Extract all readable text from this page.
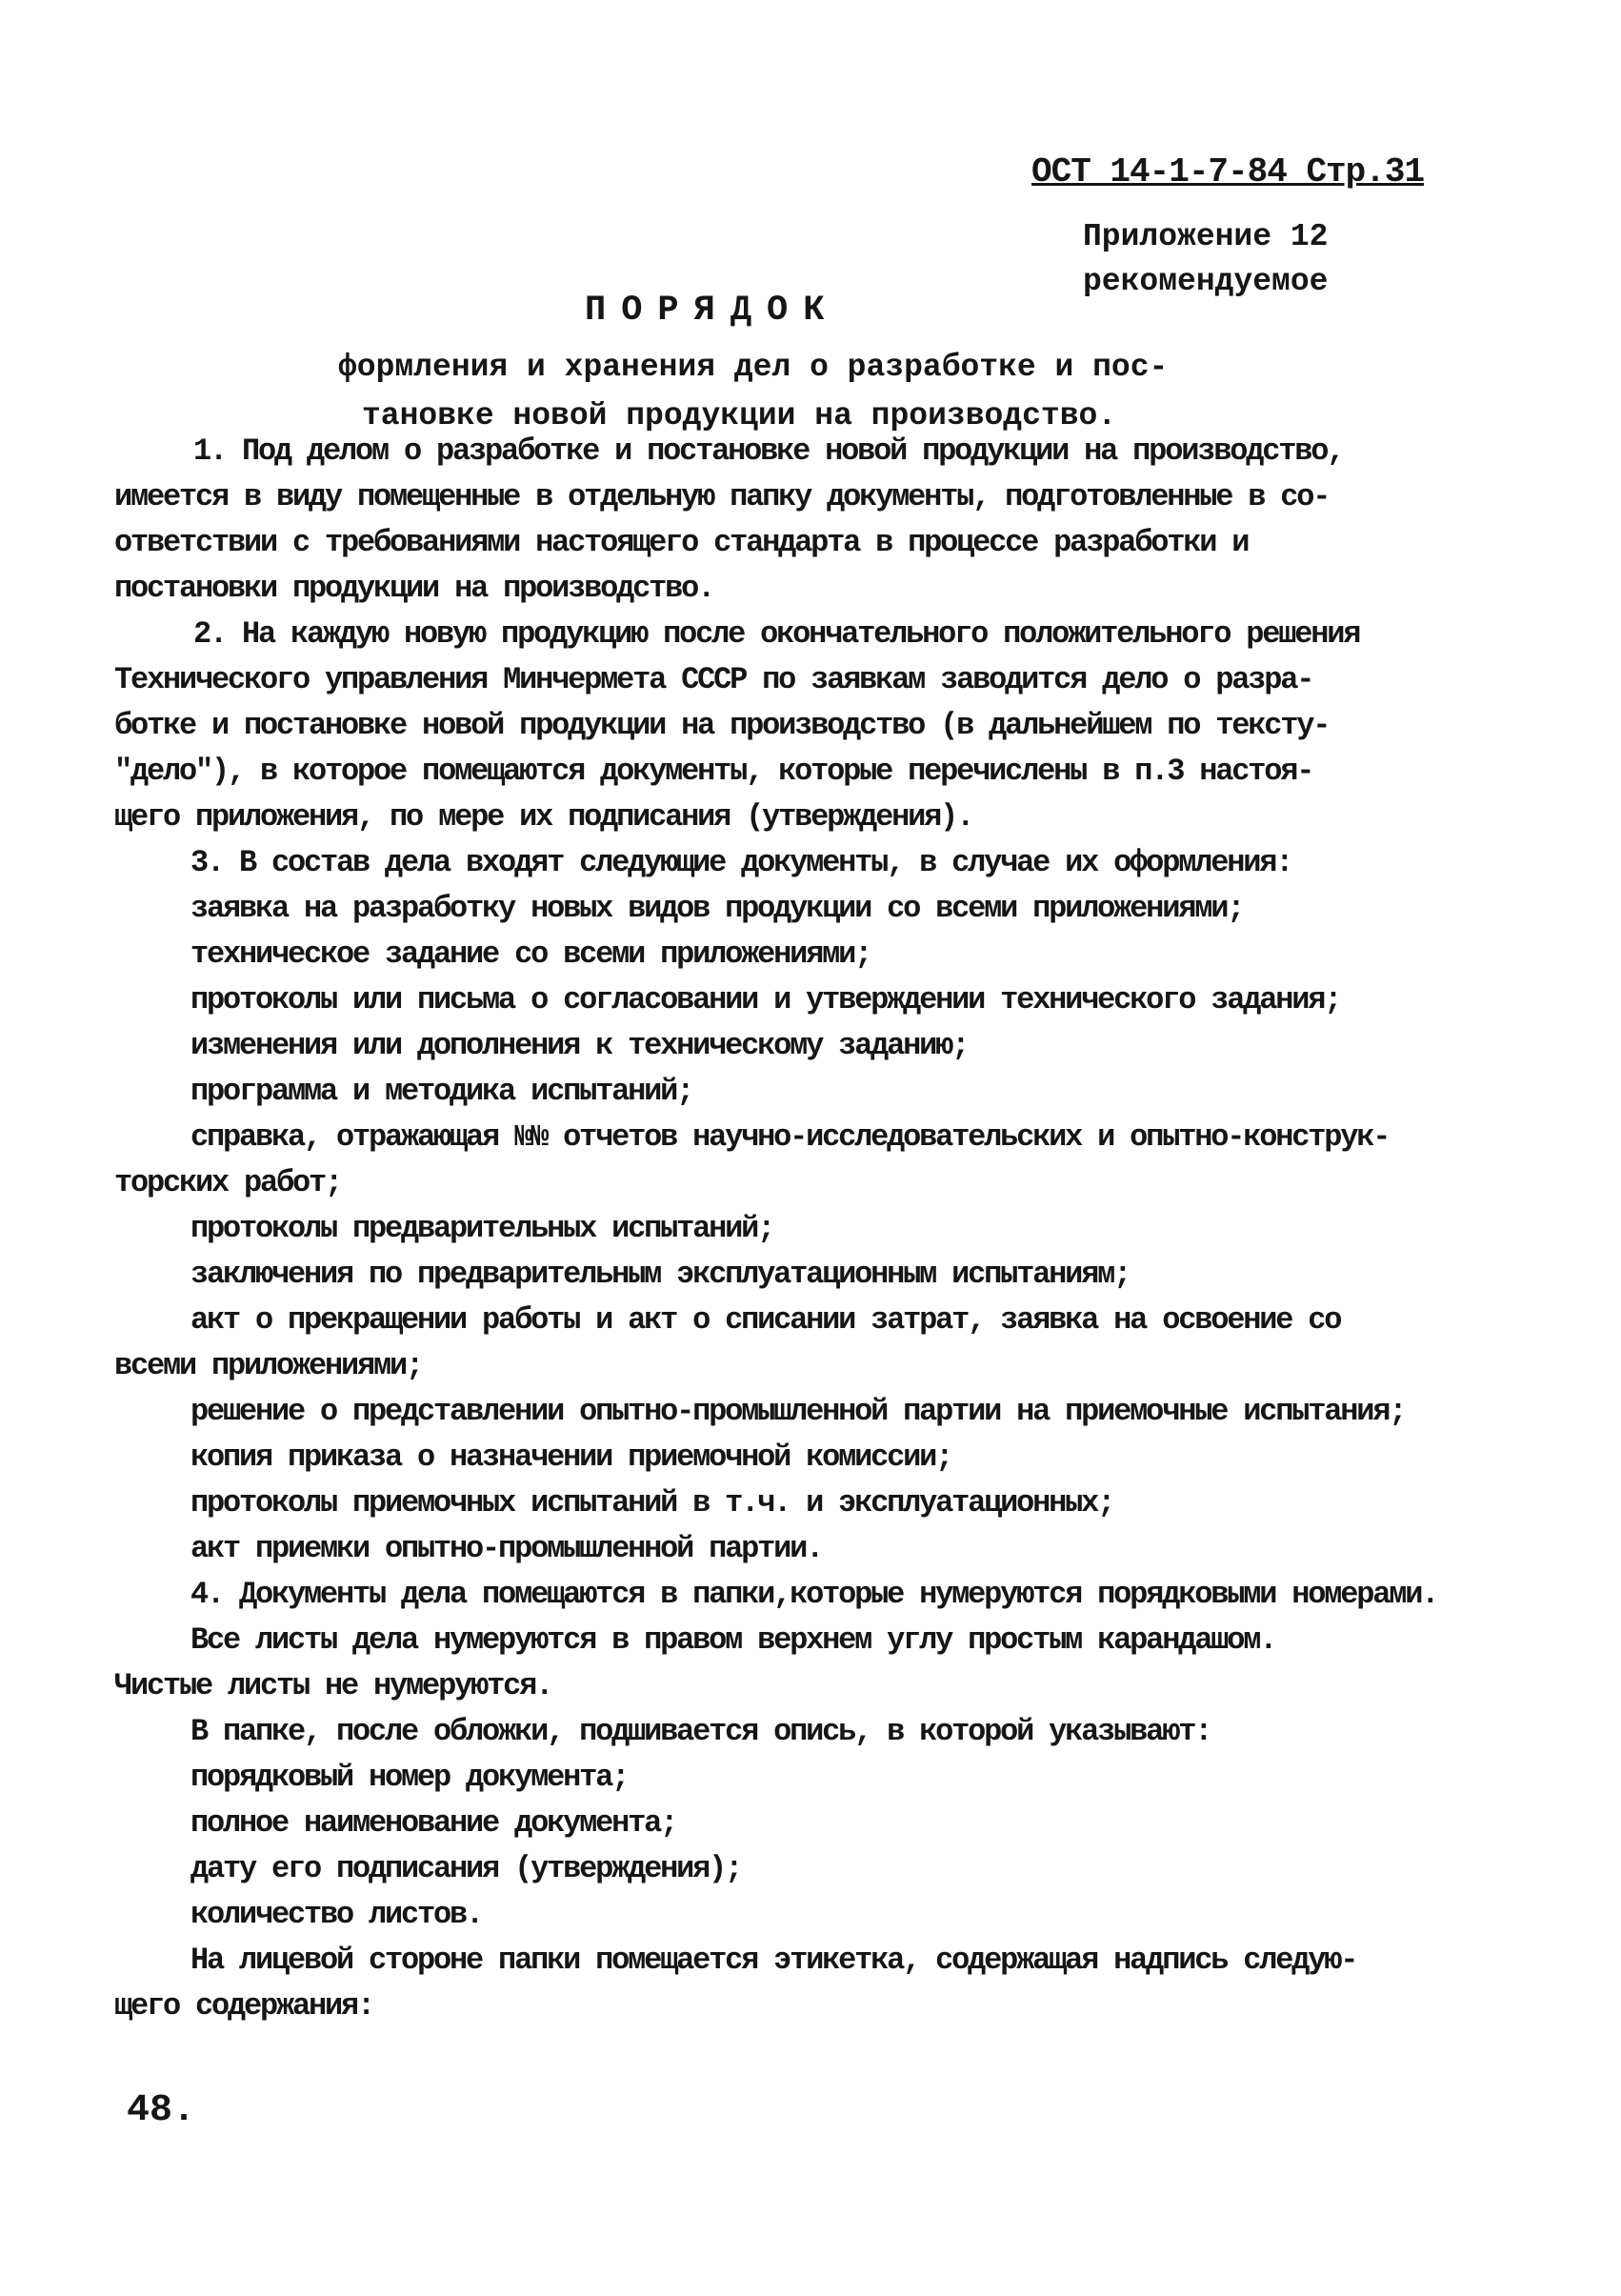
ОСТ 14-1-7-84 Стр.31
Приложение 12
рекомендуемое
ПОРЯДОК
формления и хранения дел о разработке и пос-
тановке новой продукции на производство.
1. Под делом о разработке и постановке новой продукции на производство,
имеется в виду помещенные в отдельную папку документы, подготовленные в со-
ответствии с требованиями настоящего стандарта в процессе разработки и
постановки продукции на производство.
2. На каждую новую продукцию после окончательного положительного решения
Технического управления Минчермета СССР по заявкам заводится дело о разра-
ботке и постановке новой продукции на производство (в дальнейшем по тексту-
"дело"), в которое помещаются документы, которые перечислены в п.3 настоя-
щего приложения, по мере их подписания (утверждения).
3. В состав дела входят следующие документы, в случае их оформления:
заявка на разработку новых видов продукции со всеми приложениями;
техническое задание со всеми приложениями;
протоколы или письма о согласовании и утверждении технического задания;
изменения или дополнения к техническому заданию;
программа и методика испытаний;
справка, отражающая №№ отчетов научно-исследовательских и опытно-конструк-
торских работ;
протоколы предварительных испытаний;
заключения по предварительным эксплуатационным испытаниям;
акт о прекращении работы и акт о списании затрат, заявка на освоение со
всеми приложениями;
решение о представлении опытно-промышленной партии на приемочные испытания;
копия приказа о назначении приемочной комиссии;
протоколы приемочных испытаний в т.ч. и эксплуатационных;
акт приемки опытно-промышленной партии.
4. Документы дела помещаются в папки,которые нумеруются порядковыми номерами.
Все листы дела нумеруются в правом верхнем углу простым карандашом.
Чистые листы не нумеруются.
В папке, после обложки, подшивается опись, в которой указывают:
порядковый номер документа;
полное наименование документа;
дату его подписания (утверждения);
количество листов.
На лицевой стороне папки помещается этикетка, содержащая надпись следую-
щего содержания:
48.
